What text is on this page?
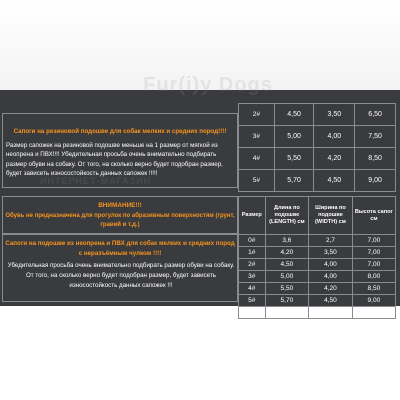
Fur(i)y Dogs
ИНТЕРНЕТ-МАГАЗИН
Сапоги на резиновой подошве для собак мелких и средних пород!!!!
Размер сапожек на резиновой подошве меньше на 1 размер от мягкой из неопрена и ПВХ!!!! Убедительная просьба очень внимательно подбирать размер обуви на собаку. От того, на сколько верно будет подобран размер, будет зависеть износостойкость данных сапожек !!!!!
2#	4,50	3,50	6,50
3#	5,00	4,00	7,50
4#	5,50	4,20	8,50
5#	5,70	4,50	9,00
ВНИМАНИЕ!!!
Обувь не предназначена для прогулок по абразивным поверхностям (грунт, гравий и т.д.)
Сапоги на подошве из неопрена и ПВХ для собак мелких и средних пород с неразъёмным чулком !!!!
Убедительная просьба очень внимательно подбирать размер обуви на собаку. От того, на сколько верно будет подобран размер, будет зависеть износостойкость данных сапожек !!!
Размер	Длина по подошве (LENGTH) см	Ширина по подошве (WIDTH) см	Высота сапог см
0#	3,6	2,7	7,00
1#	4,20	3,50	7,00
2#	4,50	4,00	7,00
3#	5,00	4,00	8,00
4#	5,50	4,20	8,50
5#	5,70	4,50	9,00
5#	6,20	5,00	9,50
